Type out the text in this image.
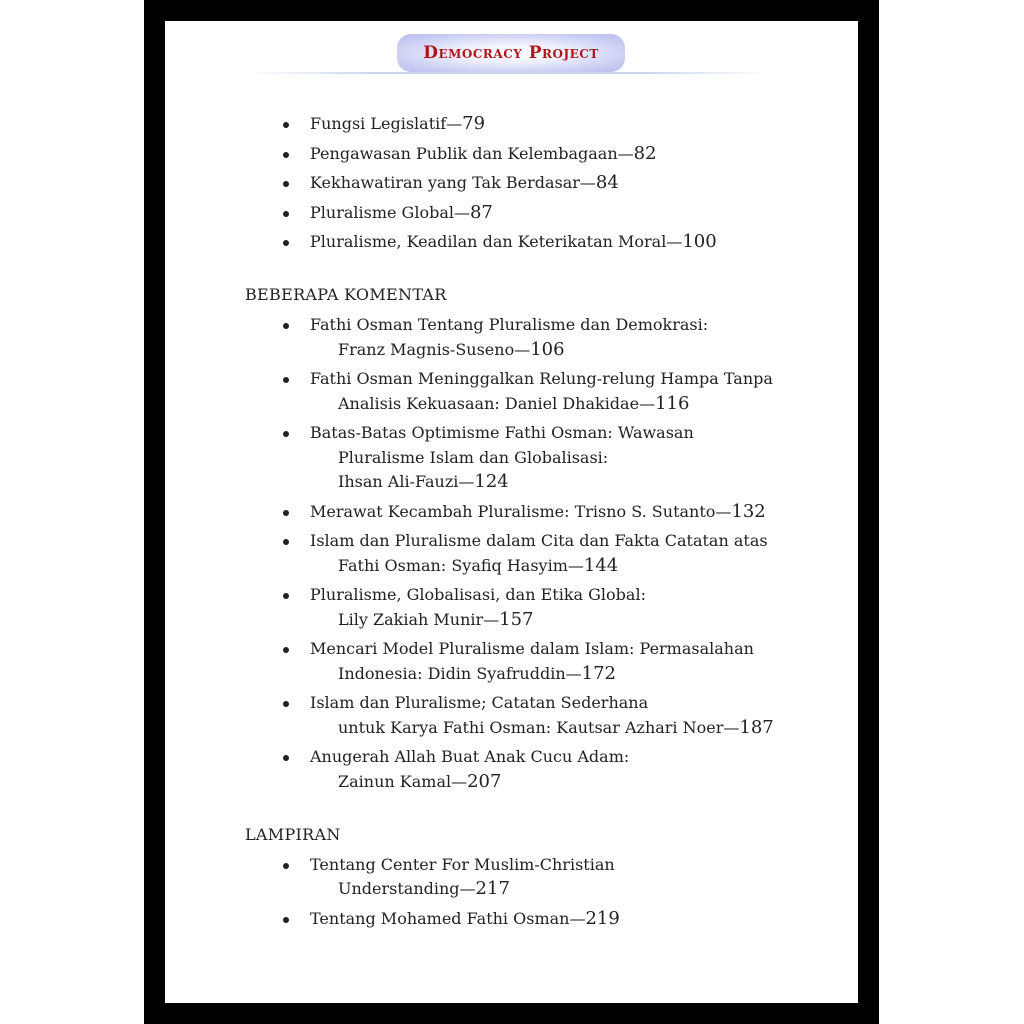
Democracy Project
Fungsi Legislatif—79
Pengawasan Publik dan Kelembagaan—82
Kekhawatiran yang Tak Berdasar—84
Pluralisme Global—87
Pluralisme, Keadilan dan Keterikatan Moral—100
BEBERAPA KOMENTAR
Fathi Osman Tentang Pluralisme dan Demokrasi:
Franz Magnis-Suseno—106
Fathi Osman Meninggalkan Relung-relung Hampa Tanpa
Analisis Kekuasaan: Daniel Dhakidae—116
Batas-Batas Optimisme Fathi Osman: Wawasan
Pluralisme Islam dan Globalisasi:
Ihsan Ali-Fauzi—124
Merawat Kecambah Pluralisme: Trisno S. Sutanto—132
Islam dan Pluralisme dalam Cita dan Fakta Catatan atas
Fathi Osman: Syafiq Hasyim—144
Pluralisme, Globalisasi, dan Etika Global:
Lily Zakiah Munir—157
Mencari Model Pluralisme dalam Islam: Permasalahan
Indonesia: Didin Syafruddin—172
Islam dan Pluralisme; Catatan Sederhana
untuk Karya Fathi Osman: Kautsar Azhari Noer—187
Anugerah Allah Buat Anak Cucu Adam:
Zainun Kamal—207
LAMPIRAN
Tentang Center For Muslim-Christian
Understanding—217
Tentang Mohamed Fathi Osman—219
